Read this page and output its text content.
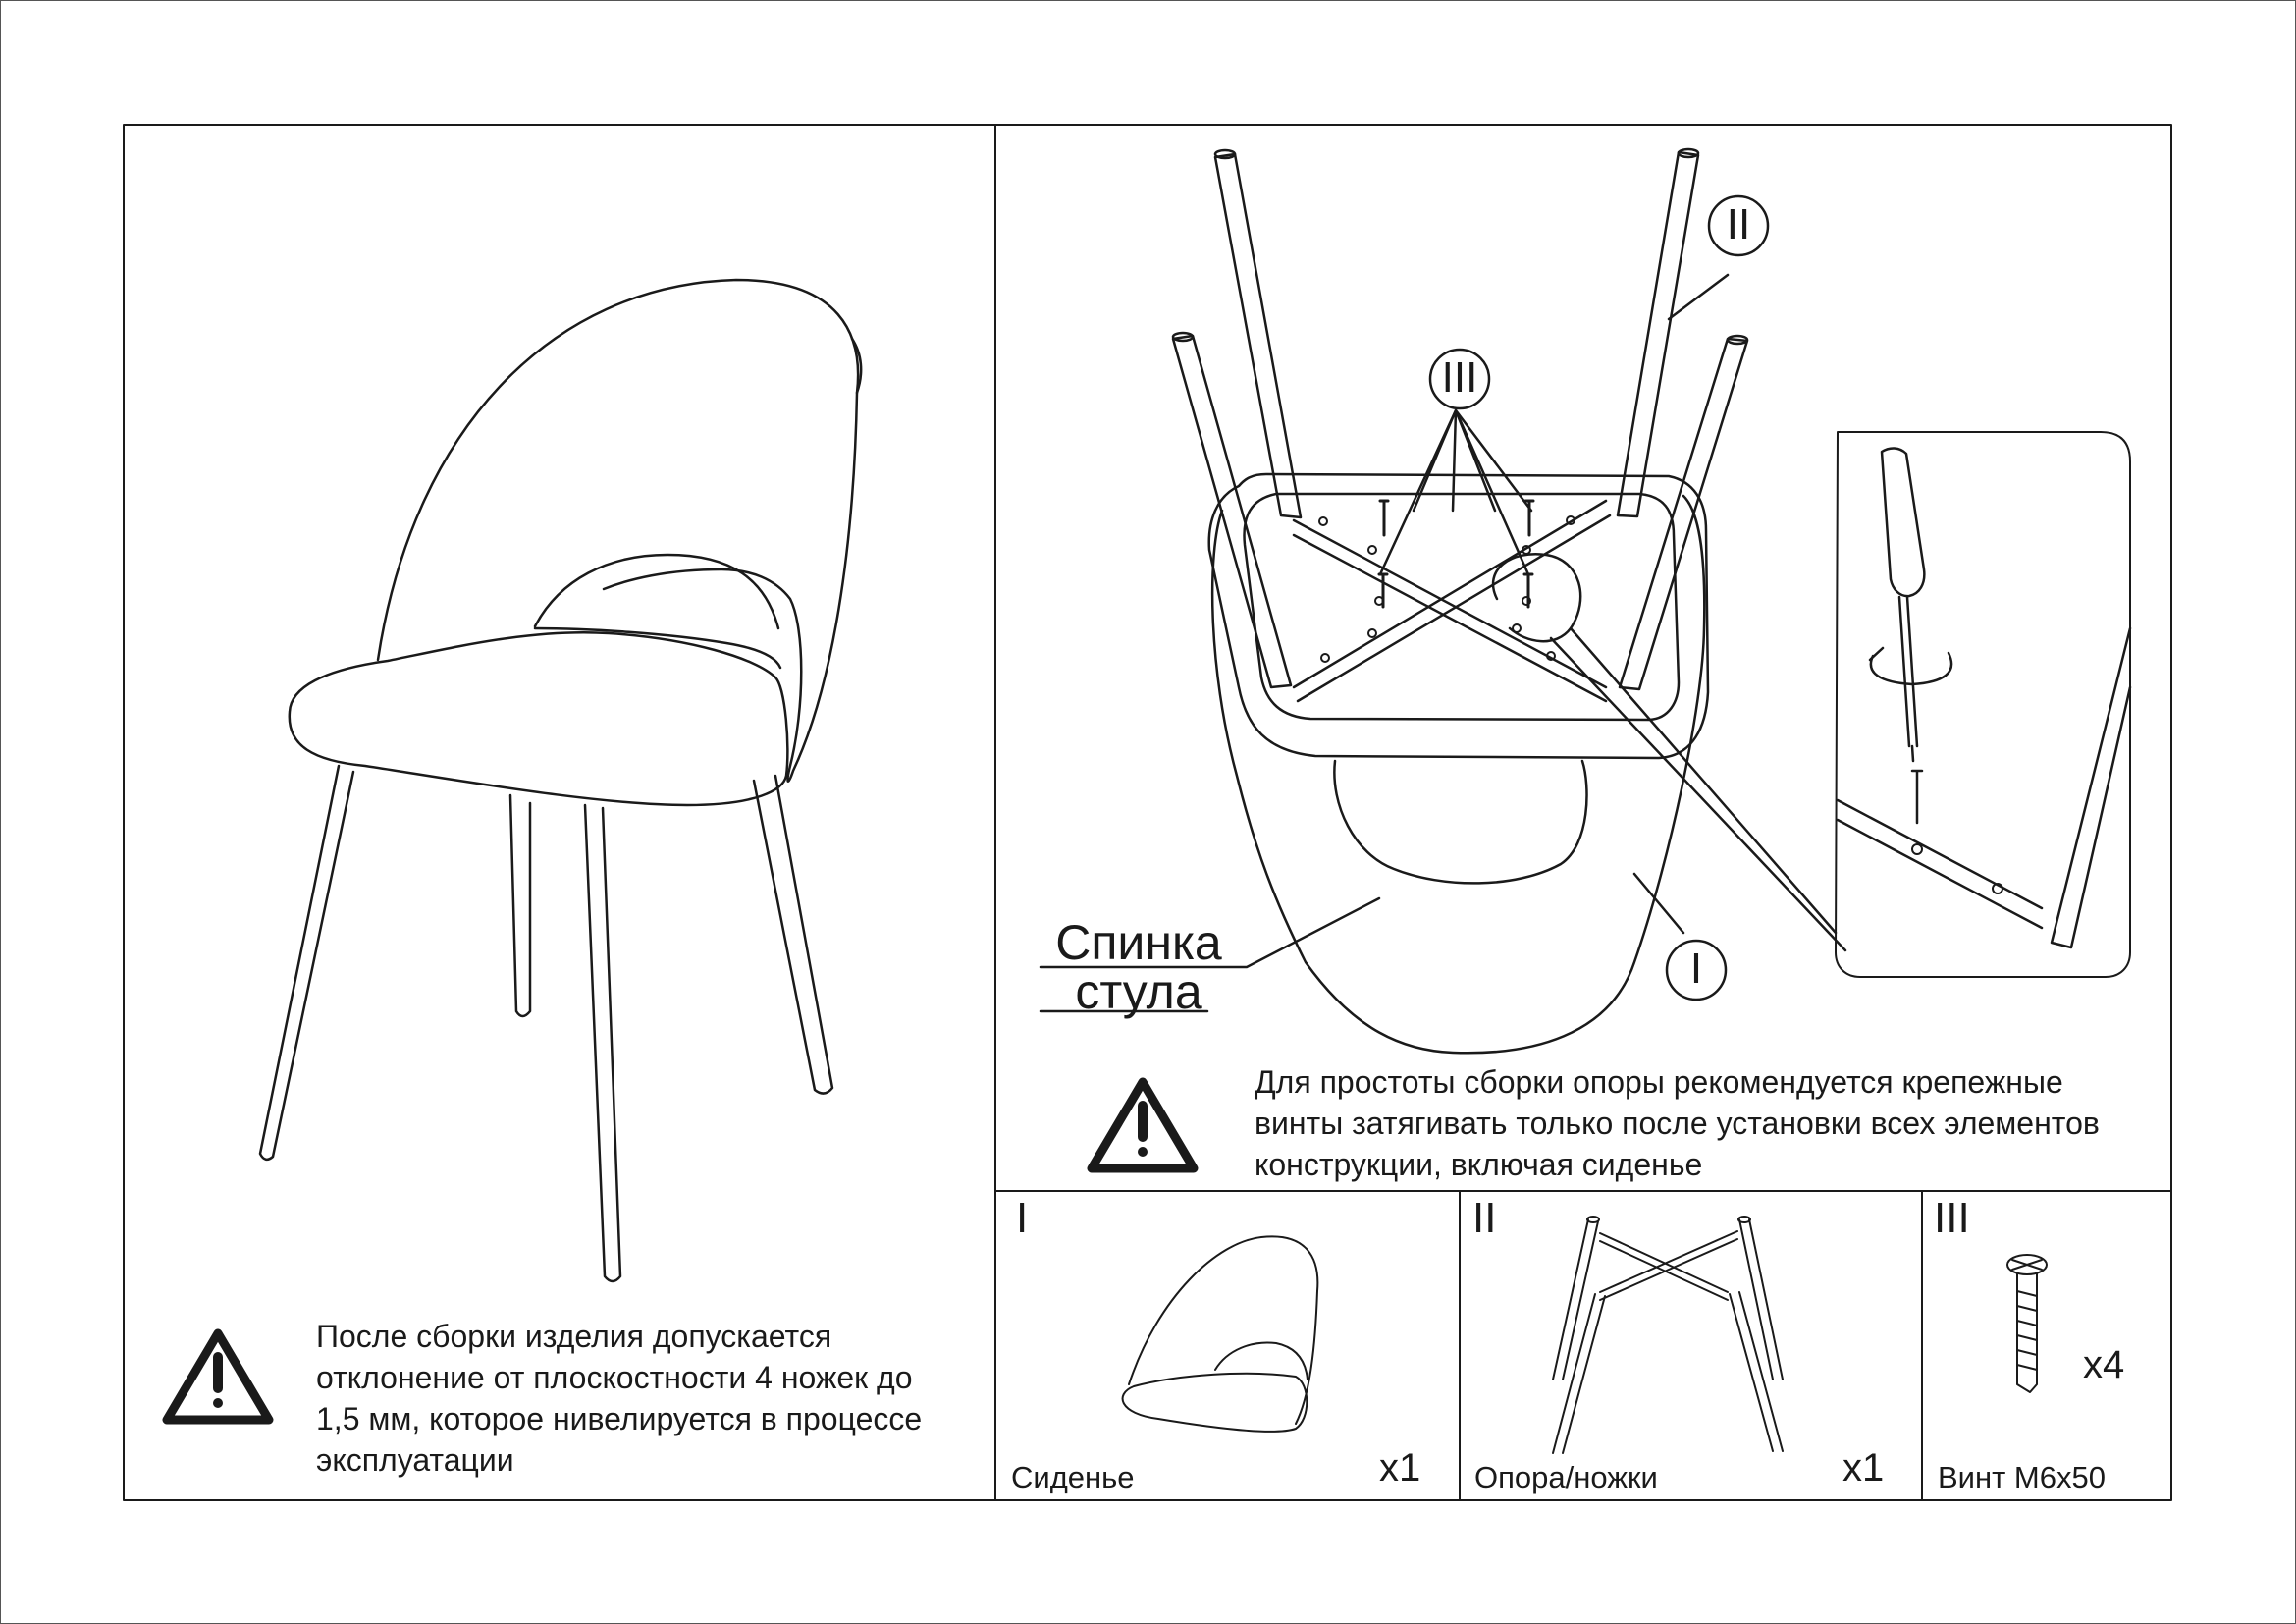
III
II
I
Спинка стула

После сборки изделия допускается отклонение от плоскостности 4 ножек до 1,5 мм, которое нивелируется в процессе эксплуатации

Для простоты сборки опоры рекомендуется крепежные винты затягивать только после установки всех элементов конструкции, включая сиденье

I
Сиденье	x1
II
Опора/ножки	x1
III
Винт М6х50
x4
